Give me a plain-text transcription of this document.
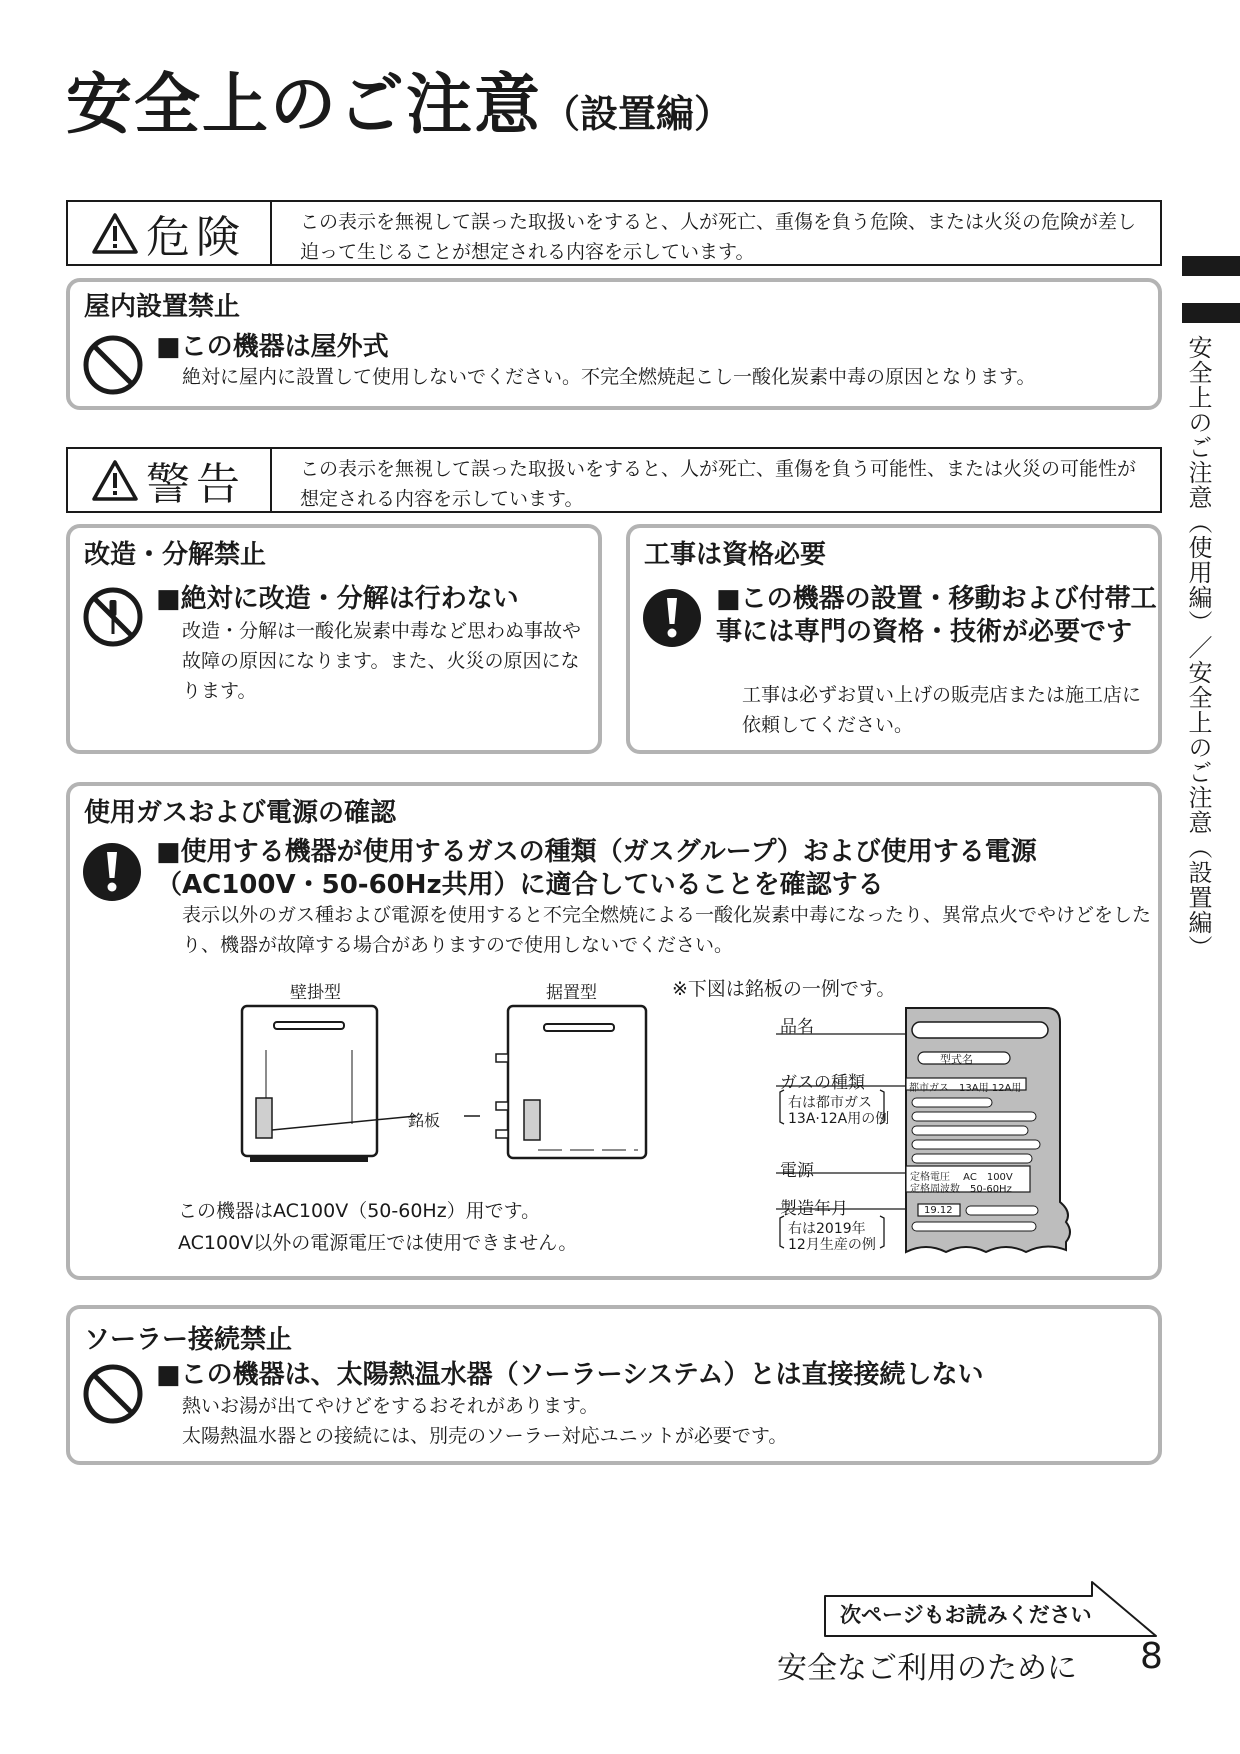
安全上のご注意（設置編）
安全上のご注意（使用編）／安全上のご注意（設置編）
危険	この表示を無視して誤った取扱いをすると、人が死亡、重傷を負う危険、または火災の危険が差し迫って生じることが想定される内容を示しています。
屋内設置禁止
■この機器は屋外式
絶対に屋内に設置して使用しないでください。不完全燃焼起こし一酸化炭素中毒の原因となります。
警告	この表示を無視して誤った取扱いをすると、人が死亡、重傷を負う可能性、または火災の可能性が想定される内容を示しています。
改造・分解禁止
■絶対に改造・分解は行わない
改造・分解は一酸化炭素中毒など思わぬ事故や故障の原因になります。また、火災の原因になります。
工事は資格必要
■この機器の設置・移動および付帯工事には専門の資格・技術が必要です
工事は必ずお買い上げの販売店または施工店に依頼してください。
使用ガスおよび電源の確認
■使用する機器が使用するガスの種類（ガスグループ）および使用する電源（AC100V・50-60Hz共用）に適合していることを確認する
表示以外のガス種および電源を使用すると不完全燃焼による一酸化炭素中毒になったり、異常点火でやけどをしたり、機器が故障する場合がありますので使用しないでください。
壁掛型	据置型
銘板
この機器はAC100V（50-60Hz）用です。
AC100V以外の電源電圧では使用できません。
※下図は銘板の一例です。
品名
ガスの種類
右は都市ガス
13A·12A用の例
電源
製造年月
右は2019年
12月生産の例
型式名
都市ガス　13A用 12A用
定格電圧　 AC　100V
定格周波数　50-60Hz
19.12
ソーラー接続禁止
■この機器は、太陽熱温水器（ソーラーシステム）とは直接接続しない
熱いお湯が出てやけどをするおそれがあります。
太陽熱温水器との接続には、別売のソーラー対応ユニットが必要です。
次ページもお読みください
安全なご利用のために 8
